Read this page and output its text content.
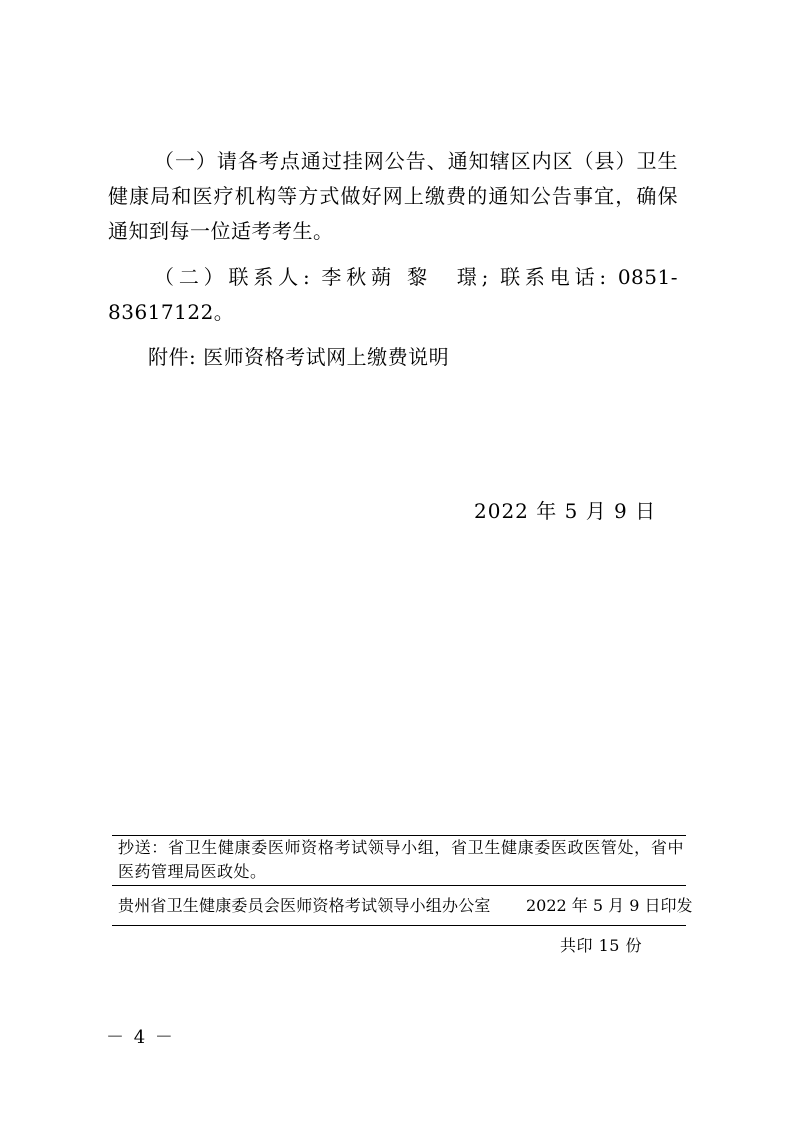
（一）请各考点通过挂网公告、通知辖区内区（县）卫生健康局和医疗机构等方式做好网上缴费的通知公告事宜，确保通知到每一位适考考生。

（二）联系人: 李秋蒴 黎　璟; 联系电话: 0851-83617122。

附件: 医师资格考试网上缴费说明
2022 年 5 月 9 日
抄送：省卫生健康委医师资格考试领导小组，省卫生健康委医政医管处，省中医药管理局医政处。
贵州省卫生健康委员会医师资格考试领导小组办公室 2022 年 5 月 9 日印发
共印 15 份
－ 4 －
